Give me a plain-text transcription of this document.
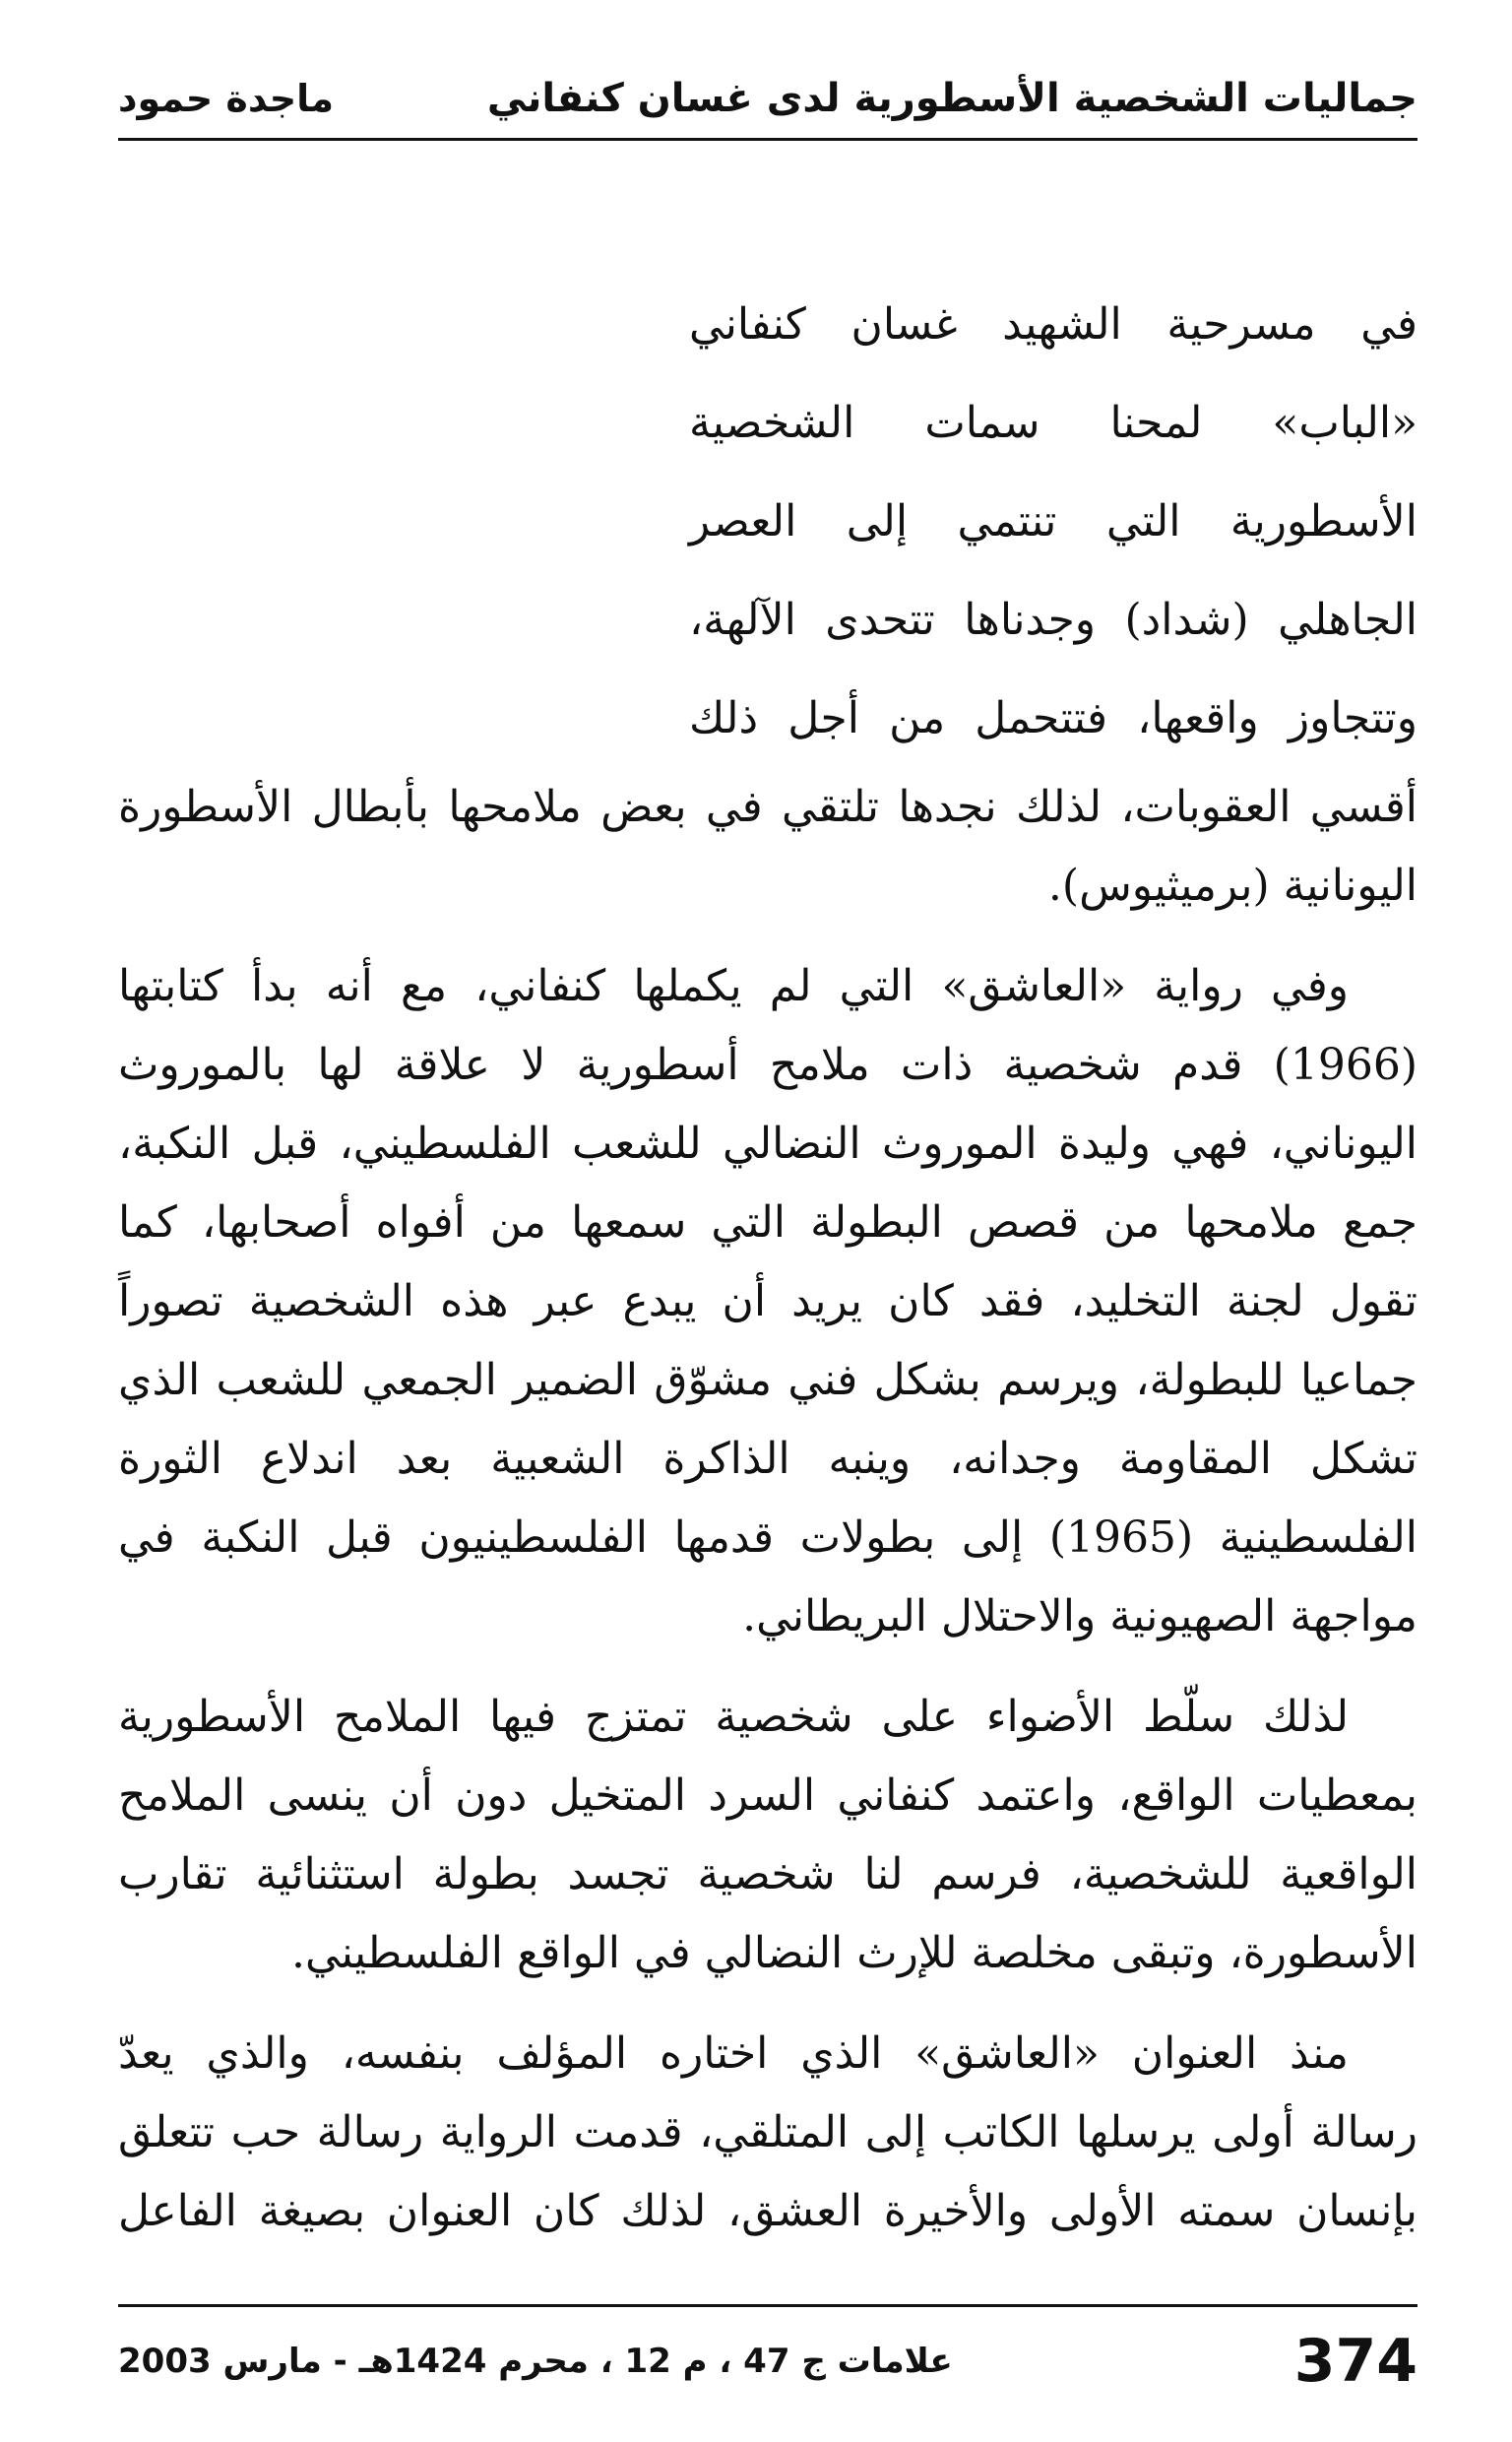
جماليات الشخصية الأسطورية لدى غسان كنفاني
ماجدة حمود
في مسرحية الشهيد غسان كنفاني
«الباب» لمحنا سمات الشخصية
الأسطورية التي تنتمي إلى العصر
الجاهلي (شداد) وجدناها تتحدى الآلهة،
وتتجاوز واقعها، فتتحمل من أجل ذلك
أقسي العقوبات، لذلك نجدها تلتقي في بعض ملامحها بأبطال الأسطورة
اليونانية (برميثيوس).
وفي رواية «العاشق» التي لم يكملها كنفاني، مع أنه بدأ كتابتها
(1966) قدم شخصية ذات ملامح أسطورية لا علاقة لها بالموروث
اليوناني، فهي وليدة الموروث النضالي للشعب الفلسطيني، قبل النكبة،
جمع ملامحها من قصص البطولة التي سمعها من أفواه أصحابها، كما
تقول لجنة التخليد، فقد كان يريد أن يبدع عبر هذه الشخصية تصوراً
جماعيا للبطولة، ويرسم بشكل فني مشوّق الضمير الجمعي للشعب الذي
تشكل المقاومة وجدانه، وينبه الذاكرة الشعبية بعد اندلاع الثورة
الفلسطينية (1965) إلى بطولات قدمها الفلسطينيون قبل النكبة في
مواجهة الصهيونية والاحتلال البريطاني.
لذلك سلّط الأضواء على شخصية تمتزج فيها الملامح الأسطورية
بمعطيات الواقع، واعتمد كنفاني السرد المتخيل دون أن ينسى الملامح
الواقعية للشخصية، فرسم لنا شخصية تجسد بطولة استثنائية تقارب
الأسطورة، وتبقى مخلصة للإرث النضالي في الواقع الفلسطيني.
منذ العنوان «العاشق» الذي اختاره المؤلف بنفسه، والذي يعدّ
رسالة أولى يرسلها الكاتب إلى المتلقي، قدمت الرواية رسالة حب تتعلق
بإنسان سمته الأولى والأخيرة العشق، لذلك كان العنوان بصيغة الفاعل
374
علامات ج 47 ، م 12 ، محرم 1424هـ - مارس 2003
